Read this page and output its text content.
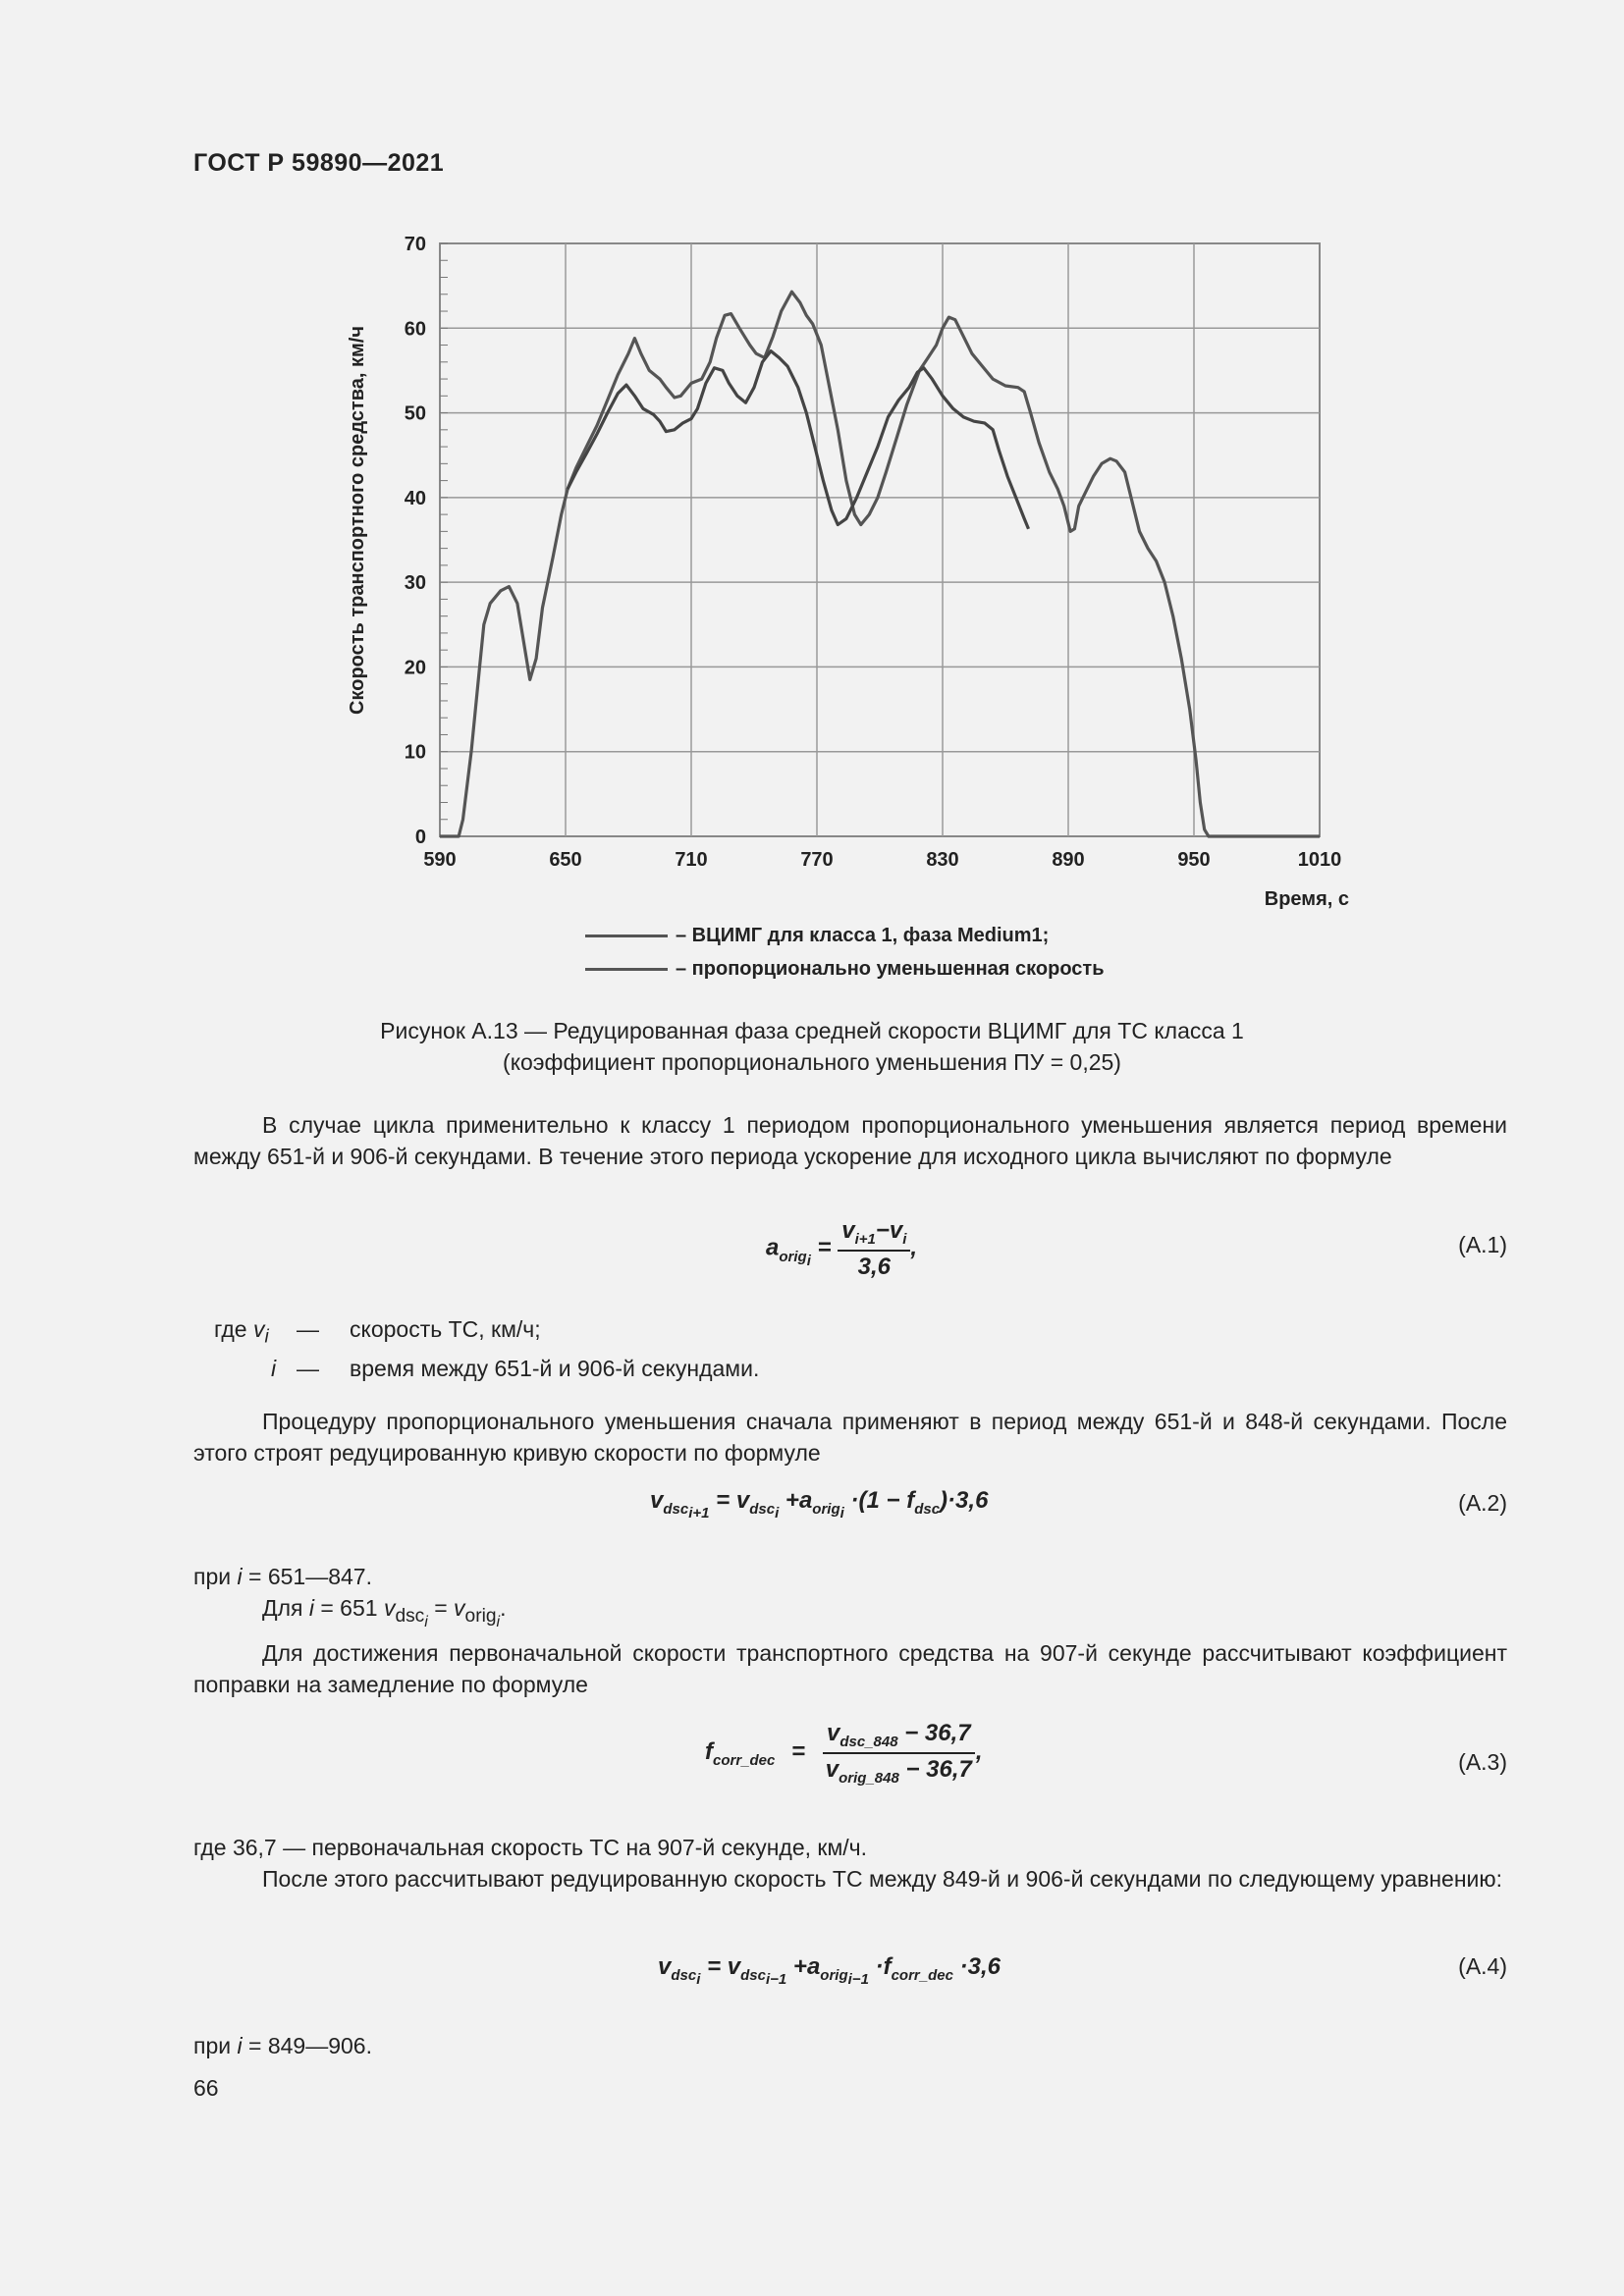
ГОСТ Р 59890—2021
0
10
20
30
40
50
60
70
590	650	710	770	830	890	950	1010
Время, с
Скорость транспортного средства, км/ч
– ВЦИМГ для класса 1, фаза Medium1;
– пропорционально уменьшенная скорость
Рисунок А.13 — Редуцированная фаза средней скорости ВЦИМГ для ТС класса 1
(коэффициент пропорционального уменьшения ПУ = 0,25)
В случае цикла применительно к классу 1 периодом пропорционального уменьшения является период времени между 651-й и 906-й секундами. В течение этого периода ускорение для исходного цикла вычисляют по формуле
$a_{orig_i} = \frac{v_{i+1}-v_i}{3,6}$ ,	(А.1)
где $v_i$ — скорость ТС, км/ч;
i — время между 651-й и 906-й секундами.
Процедуру пропорционального уменьшения сначала применяют в период между 651-й и 848-й секундами. После этого строят редуцированную кривую скорости по формуле
$v_{dsc_{i+1}} = v_{dsc_i} +a_{orig_i} \cdot(1 - f_{dsc})\cdot 3,6$	(А.2)
при i = 651—847.
Для i = 651 $v_{dsc_i} = v_{orig_i}$.
Для достижения первоначальной скорости транспортного средства на 907-й секунде рассчитывают коэффициент поправки на замедление по формуле
$f_{corr\_dec} = \frac{v_{dsc\_848} - 36,7}{v_{orig\_848} - 36,7}$ ,	(А.3)
где 36,7 — первоначальная скорость ТС на 907-й секунде, км/ч.
После этого рассчитывают редуцированную скорость ТС между 849-й и 906-й секундами по следующему уравнению:
$v_{dsc_i} = v_{dsc_{i-1}} +a_{orig_{i-1}} \cdot f_{corr\_dec} \cdot 3,6$	(А.4)
при i = 849—906.
66
